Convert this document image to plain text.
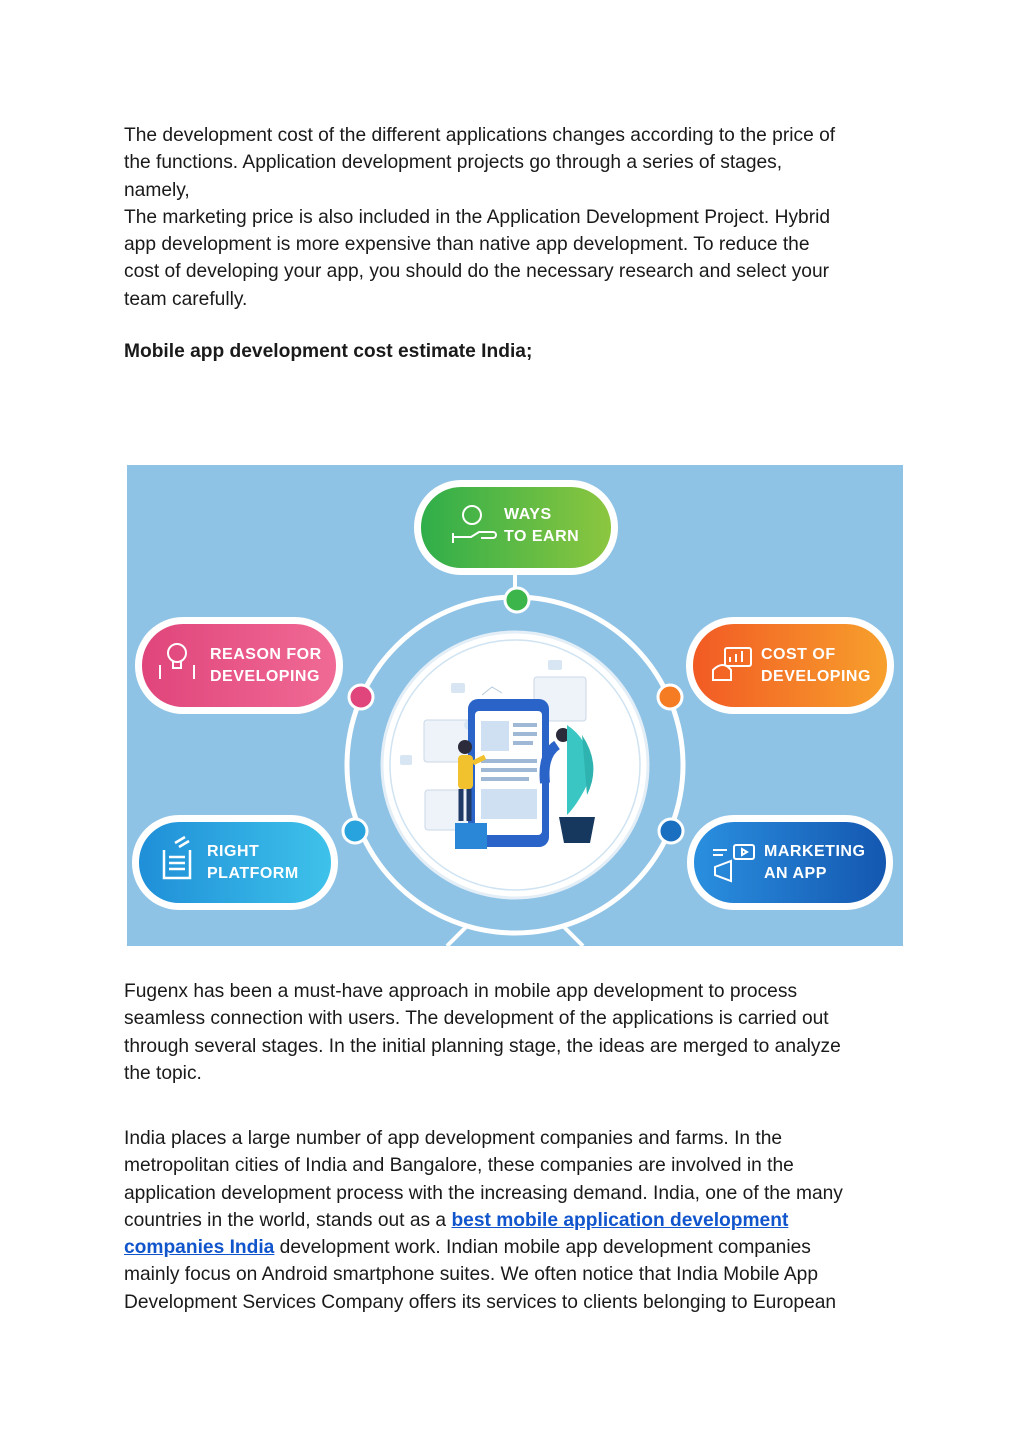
The development cost of the different applications changes according to the price of
the functions. Application development projects go through a series of stages,
namely,
The marketing price is also included in the Application Development Project. Hybrid
app development is more expensive than native app development. To reduce the
cost of developing your app, you should do the necessary research and select your
team carefully.

Mobile app development cost estimate India;

WAYS
TO EARN
REASON FOR
DEVELOPING
COST OF
DEVELOPING
RIGHT
PLATFORM
MARKETING
AN APP

Fugenx has been a must-have approach in mobile app development to process
seamless connection with users. The development of the applications is carried out
through several stages. In the initial planning stage, the ideas are merged to analyze
the topic.

India places a large number of app development companies and farms. In the
metropolitan cities of India and Bangalore, these companies are involved in the
application development process with the increasing demand. India, one of the many
countries in the world, stands out as a best mobile application development
companies India development work. Indian mobile app development companies
mainly focus on Android smartphone suites. We often notice that India Mobile App
Development Services Company offers its services to clients belonging to European
